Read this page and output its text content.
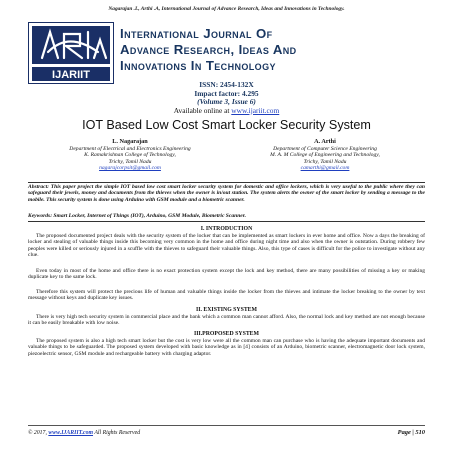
Nagarajan .L, Arthi .A, International Journal of Advance Research, Ideas and Innovations in Technology.
IJARIIT
International Journal Of
Advance Research, Ideas And
Innovations In Technology
ISSN: 2454-132X
Impact factor: 4.295
(Volume 3, Issue 6)
Available online at www.ijariit.com
IOT Based Low Cost Smart Locker Security System
L. Nagarajan
Department of Electrical and Electronics Engineering
K. Ramakrishnan College of Technology,
Trichy, Tamil Nadu
nagarajcorpsit@gmail.com
A. Arthi
Department of Computer Science Engineering
M. A. M College of Engineering and Technology,
Trichy, Tamil Nadu
camarthi@gmail.com
Abstract: This paper project the simple IOT based low cost smart locker security system for domestic and office lockers, which is very useful to the public where they can safeguard their jewels, money and documents from the thieves when the owner is in/out station. The system alerts the owner of the smart locker by sending a message to the mobile. This security system is done using Arduino with GSM module and a biometric scanner.
Keywords: Smart Locker, Internet of Things (IOT), Arduino, GSM Module, Biometric Scanner.
I. INTRODUCTION
The proposed documented project deals with the security system of the locker that can be implemented as smart lockers in ever home and office. Now a days the breaking of locker and stealing of valuable things inside this becoming very common in the home and office during night time and also when the owner is outstation. During robbery few peoples were killed or seriously injured in a scuffle with the thieves to safeguard their valuable things. Also, this type of cases is difficult for the police to investigate without any clue.
Even today in most of the home and office there is no exact protection system except the lock and key method, there are many possibilities of missing a key or making duplicate key to the same lock.
Therefore this system will protect the precious life of human and valuable things inside the locker from the thieves and intimate the locker breaking to the owner by text message without keys and duplicate key issues.
II. EXISTING SYSTEM
There is very high tech security system in commercial place and the bank which a common man cannot afford. Also, the normal lock and key method are not enough because it can be easily breakable with low noise.
III.PROPOSED SYSTEM
The proposed system is also a high tech smart locker but the cost is very low were all the common man can purchase who is having the adequate important documents and valuable things to be safeguarded. The proposed system developed with basic knowledge as in [4] consists of an Arduino, biometric scanner, electromagnetic door lock system, piezoelectric sensor, GSM module and rechargeable battery with charging adaptor.
© 2017, www.IJARIIT.com All Rights Reserved	Page | 510
